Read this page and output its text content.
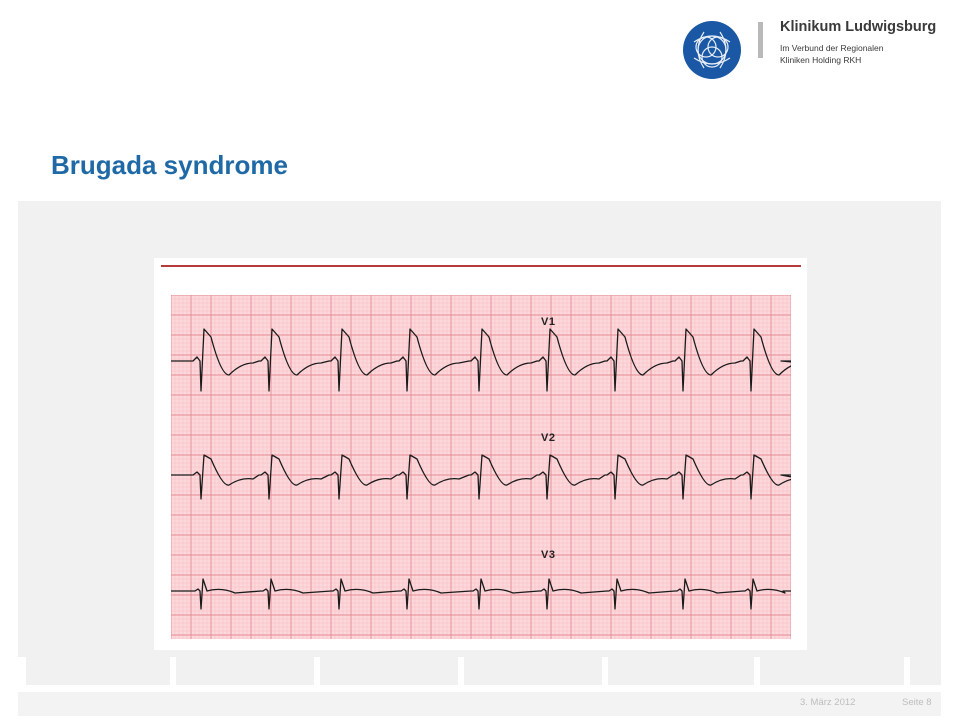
Klinikum Ludwigsburg
Im Verbund der Regionalen
Kliniken Holding RKH
Brugada syndrome
3. März 2012	Seite 8
V1
V2
V3
